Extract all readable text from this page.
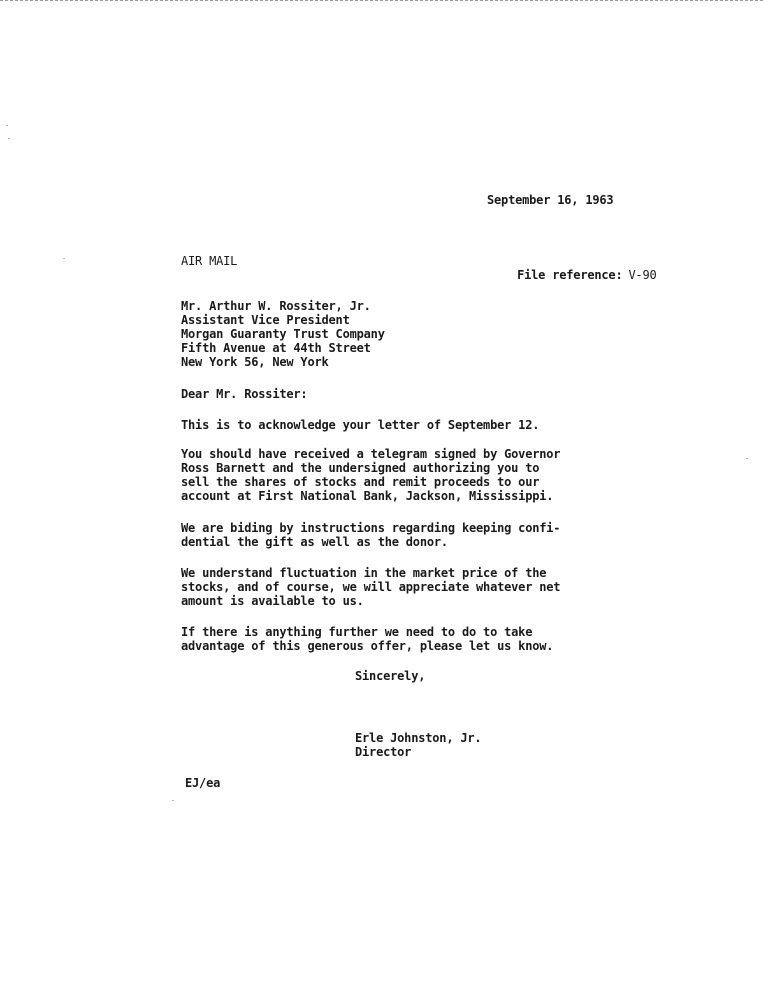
September 16, 1963
AIR MAIL

File reference: V-90

Mr. Arthur W. Rossiter, Jr.
Assistant Vice President
Morgan Guaranty Trust Company
Fifth Avenue at 44th Street
New York 56, New York
Dear Mr. Rossiter:
This is to acknowledge your letter of September 12.
You should have received a telegram signed by Governor
Ross Barnett and the undersigned authorizing you to
sell the shares of stocks and remit proceeds to our
account at First National Bank, Jackson, Mississippi.
We are biding by instructions regarding keeping confi-
dential the gift as well as the donor.
We understand fluctuation in the market price of the
stocks, and of course, we will appreciate whatever net
amount is available to us.
If there is anything further we need to do to take
advantage of this generous offer, please let us know.
Sincerely,
Erle Johnston, Jr.
Director
EJ/ea
